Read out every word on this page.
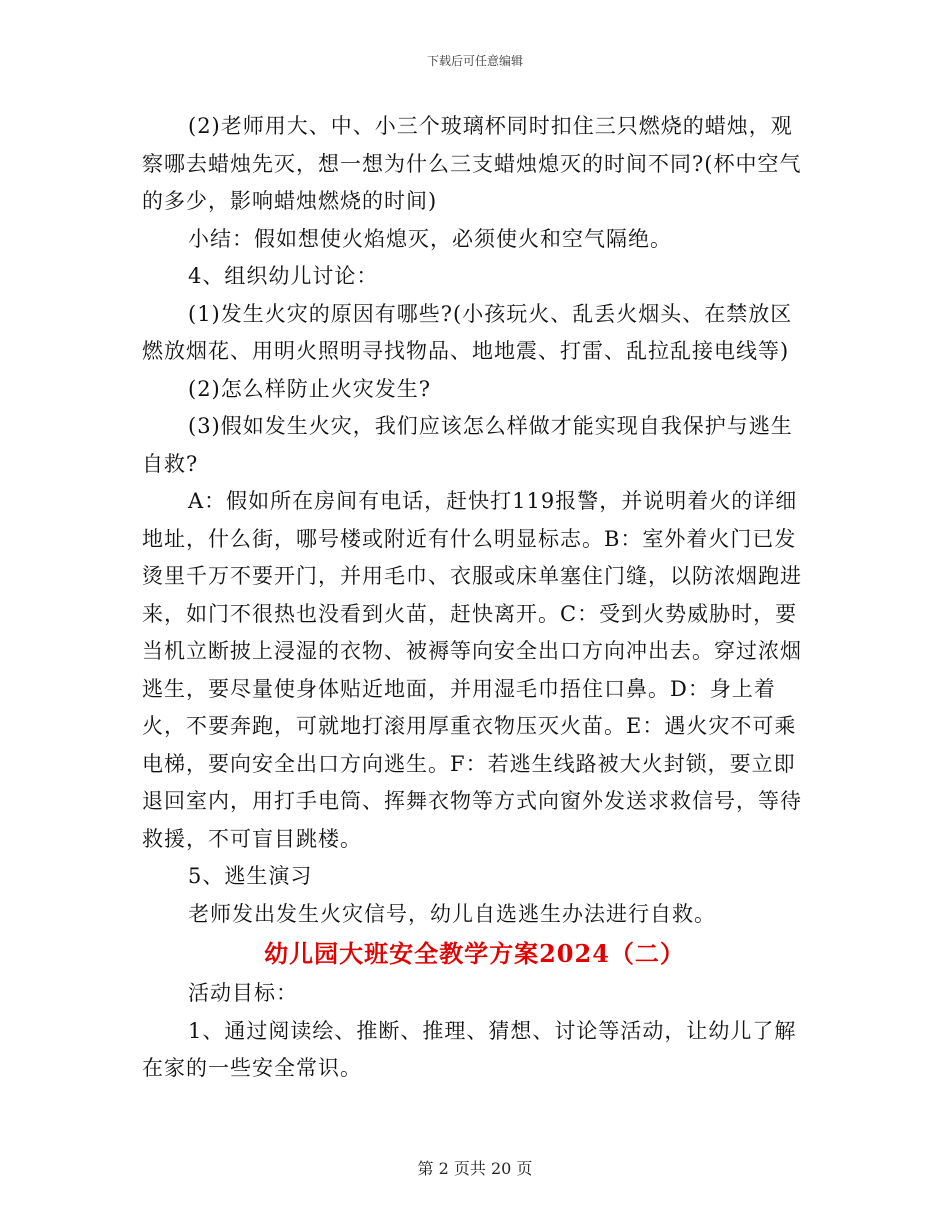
下载后可任意编辑

(2)老师用大、中、小三个玻璃杯同时扣住三只燃烧的蜡烛，观察哪去蜡烛先灭，想一想为什么三支蜡烛熄灭的时间不同?(杯中空气的多少，影响蜡烛燃烧的时间)

小结：假如想使火焰熄灭，必须使火和空气隔绝。

4、组织幼儿讨论：

(1)发生火灾的原因有哪些?(小孩玩火、乱丢火烟头、在禁放区燃放烟花、用明火照明寻找物品、地地震、打雷、乱拉乱接电线等)

(2)怎么样防止火灾发生?

(3)假如发生火灾，我们应该怎么样做才能实现自我保护与逃生自救?

A：假如所在房间有电话，赶快打119报警，并说明着火的详细地址，什么街，哪号楼或附近有什么明显标志。B：室外着火门已发烫里千万不要开门，并用毛巾、衣服或床单塞住门缝，以防浓烟跑进来，如门不很热也没看到火苗，赶快离开。C：受到火势威胁时，要当机立断披上浸湿的衣物、被褥等向安全出口方向冲出去。穿过浓烟逃生，要尽量使身体贴近地面，并用湿毛巾捂住口鼻。D：身上着火，不要奔跑，可就地打滚用厚重衣物压灭火苗。E：遇火灾不可乘电梯，要向安全出口方向逃生。F：若逃生线路被大火封锁，要立即退回室内，用打手电筒、挥舞衣物等方式向窗外发送求救信号，等待救援，不可盲目跳楼。

5、逃生演习

老师发出发生火灾信号，幼儿自选逃生办法进行自救。

幼儿园大班安全教学方案2024（二）

活动目标：

1、通过阅读绘、推断、推理、猜想、讨论等活动，让幼儿了解在家的一些安全常识。

第 2 页共 20 页
